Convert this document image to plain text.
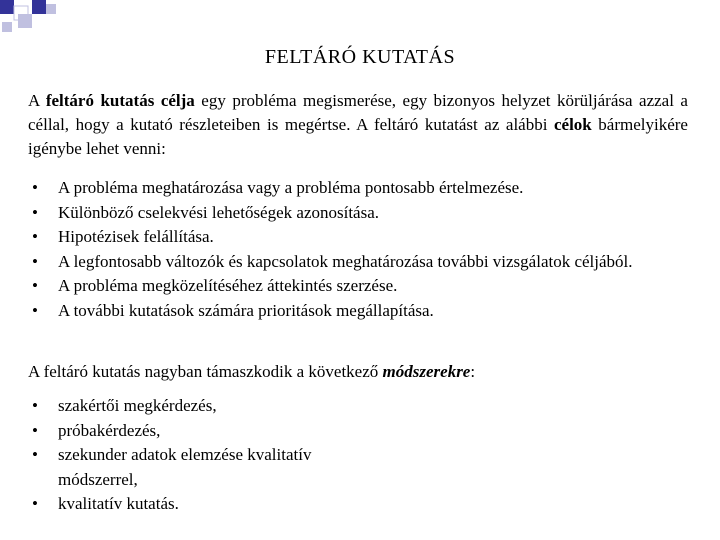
FELTÁRÓ KUTATÁS

A feltáró kutatás célja egy probléma megismerése, egy bizonyos helyzet körüljárása azzal a céllal, hogy a kutató részleteiben is megértse. A feltáró kutatást az alábbi célok bármelyikére igénybe lehet venni:

• A probléma meghatározása vagy a probléma pontosabb értelmezése.
• Különböző cselekvési lehetőségek azonosítása.
• Hipotézisek felállítása.
• A legfontosabb változók és kapcsolatok meghatározása további vizsgálatok céljából.
• A probléma megközelítéséhez áttekintés szerzése.
• A további kutatások számára prioritások megállapítása.

A feltáró kutatás nagyban támaszkodik a következő módszerekre:

• szakértői megkérdezés,
• próbakérdezés,
• szekunder adatok elemzése kvalitatív módszerrel,
• kvalitatív kutatás.
